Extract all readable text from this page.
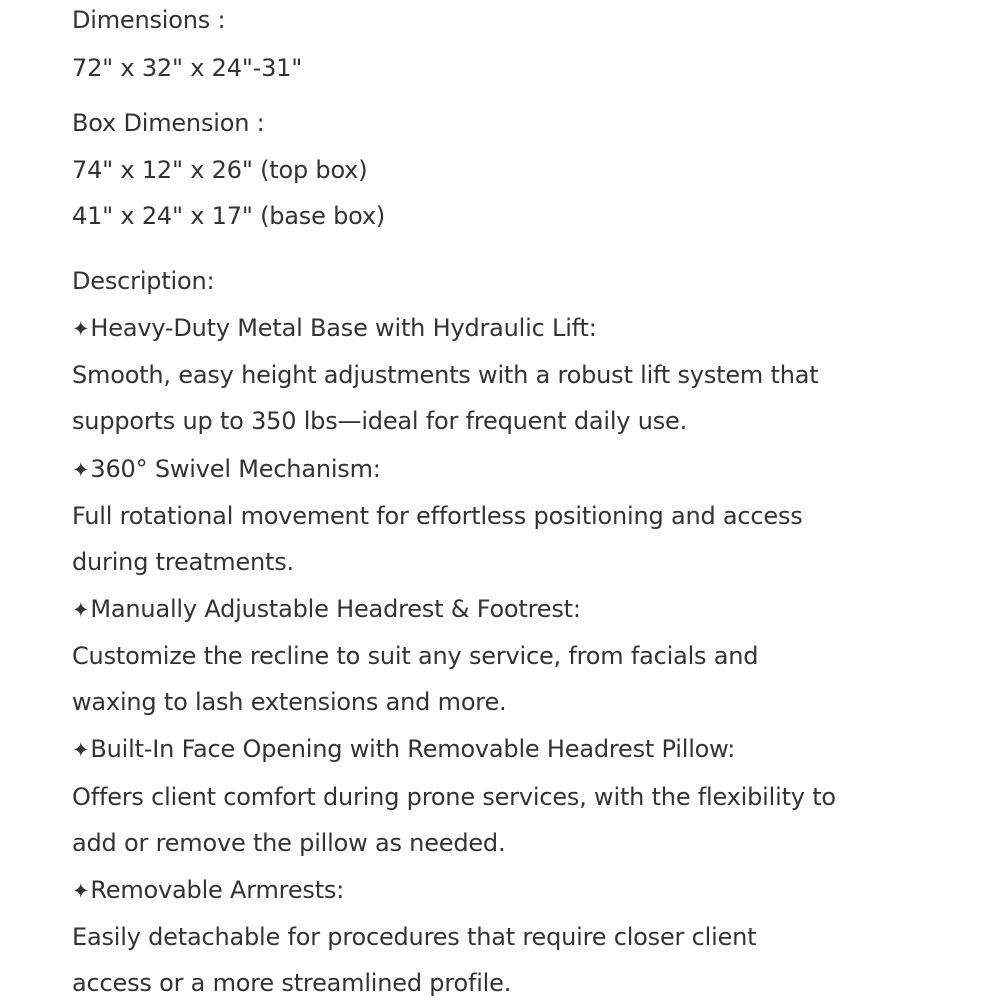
Dimensions :
72" x 32" x 24"-31"
Box Dimension :
74" x 12" x 26" (top box)
41" x 24" x 17" (base box)
Description:
✦Heavy-Duty Metal Base with Hydraulic Lift:
Smooth, easy height adjustments with a robust lift system that
supports up to 350 lbs—ideal for frequent daily use.
✦360° Swivel Mechanism:
Full rotational movement for effortless positioning and access
during treatments.
✦Manually Adjustable Headrest & Footrest:
Customize the recline to suit any service, from facials and
waxing to lash extensions and more.
✦Built-In Face Opening with Removable Headrest Pillow:
Offers client comfort during prone services, with the flexibility to
add or remove the pillow as needed.
✦Removable Armrests:
Easily detachable for procedures that require closer client
access or a more streamlined profile.
